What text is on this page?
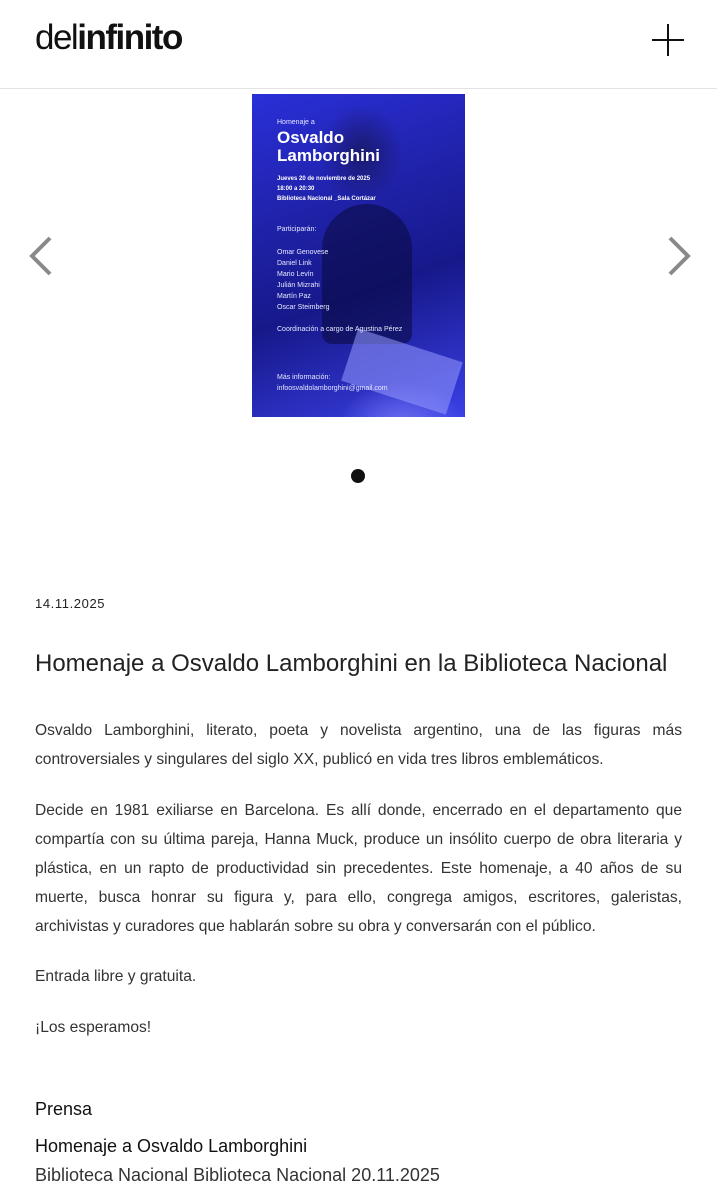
delinfinito
Homenaje a
Osvaldo
Lamborghini
Jueves 20 de noviembre de 2025
18:00 a 20:30
Biblioteca Nacional _Sala Cortázar
Participarán:
Omar Genovese
Daniel Link
Mario Levín
Julián Mizrahi
Martín Paz
Oscar Steimberg
Coordinación a cargo de Agustina Pérez
Más información:
infoosvaldolamborghini@gmail.com
14.11.2025
Homenaje a Osvaldo Lamborghini en la Biblioteca Nacional

Osvaldo Lamborghini, literato, poeta y novelista argentino, una de las figuras más controversiales y singulares del siglo XX, publicó en vida tres libros emblemáticos.

Decide en 1981 exiliarse en Barcelona. Es allí donde, encerrado en el departamento que compartía con su última pareja, Hanna Muck, produce un insólito cuerpo de obra literaria y plástica, en un rapto de productividad sin precedentes. Este homenaje, a 40 años de su muerte, busca honrar su figura y, para ello, congrega amigos, escritores, galeristas, archivistas y curadores que hablarán sobre su obra y conversarán con el público.

Entrada libre y gratuita.

¡Los esperamos!

Prensa
Homenaje a Osvaldo Lamborghini
Biblioteca Nacional Biblioteca Nacional 20.11.2025
